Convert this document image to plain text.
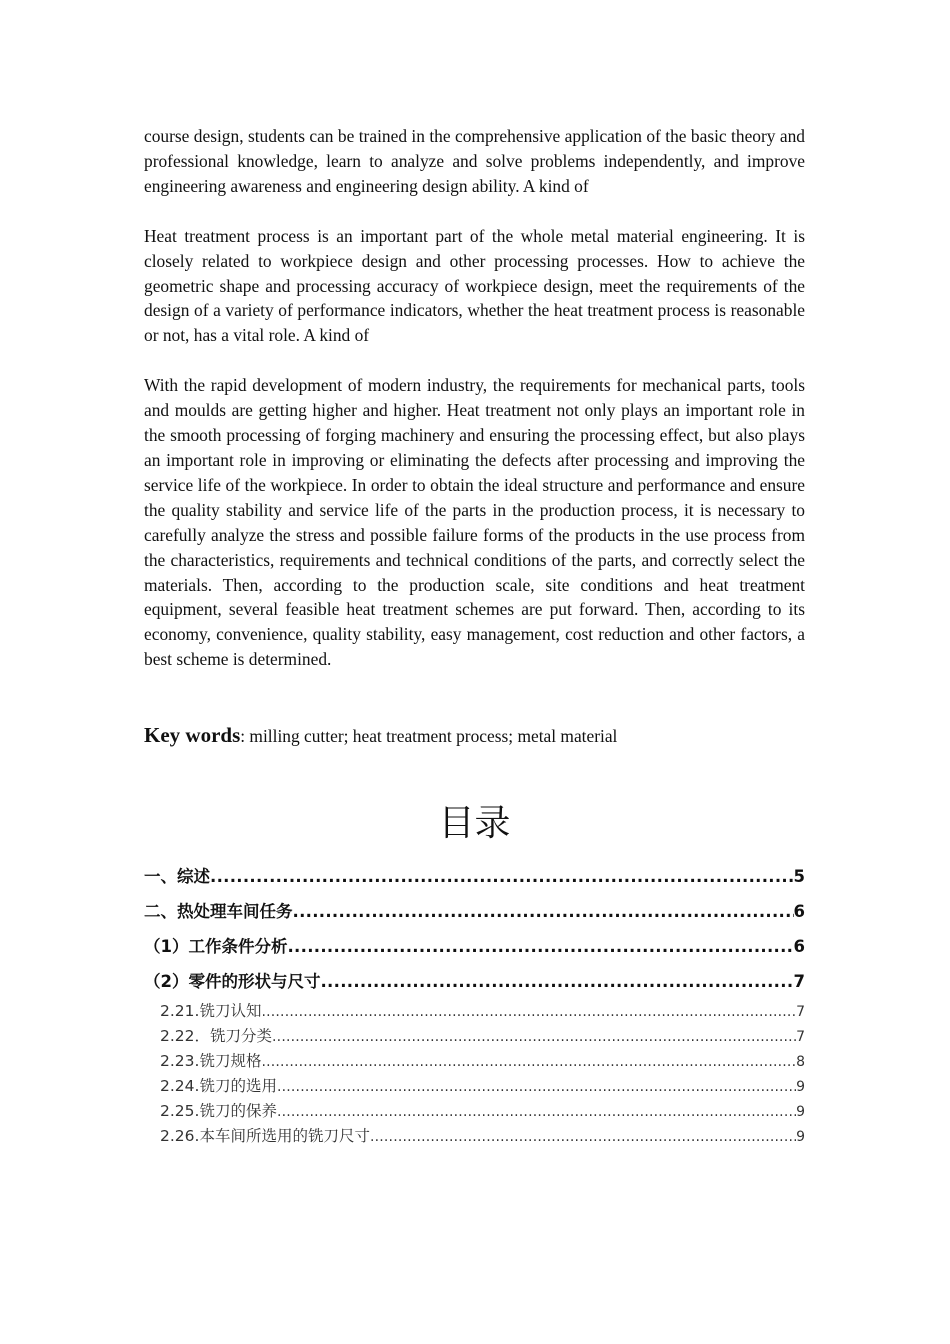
course design, students can be trained in the comprehensive application of the basic theory and professional knowledge, learn to analyze and solve problems independently, and improve engineering awareness and engineering design ability. A kind of

Heat treatment process is an important part of the whole metal material engineering. It is closely related to workpiece design and other processing processes. How to achieve the geometric shape and processing accuracy of workpiece design, meet the requirements of the design of a variety of performance indicators, whether the heat treatment process is reasonable or not, has a vital role. A kind of

With the rapid development of modern industry, the requirements for mechanical parts, tools and moulds are getting higher and higher. Heat treatment not only plays an important role in the smooth processing of forging machinery and ensuring the processing effect, but also plays an important role in improving or eliminating the defects after processing and improving the service life of the workpiece. In order to obtain the ideal structure and performance and ensure the quality stability and service life of the parts in the production process, it is necessary to carefully analyze the stress and possible failure forms of the products in the use process from the characteristics, requirements and technical conditions of the parts, and correctly select the materials. Then, according to the production scale, site conditions and heat treatment equipment, several feasible heat treatment schemes are put forward. Then, according to its economy, convenience, quality stability, easy management, cost reduction and other factors, a best scheme is determined.

Key words: milling cutter; heat treatment process; metal material
目录
一、综述 .....	5
二、热处理车间任务 .....	6
（1）工作条件分析 .....	6
（2）零件的形状与尺寸 .....	7
2.21.铣刀认知 .....	7
2.22．铣刀分类 .....	7
2.23.铣刀规格 .....	8
2.24.铣刀的选用 .....	9
2.25.铣刀的保养 .....	9
2.26.本车间所选用的铣刀尺寸 .....	9
